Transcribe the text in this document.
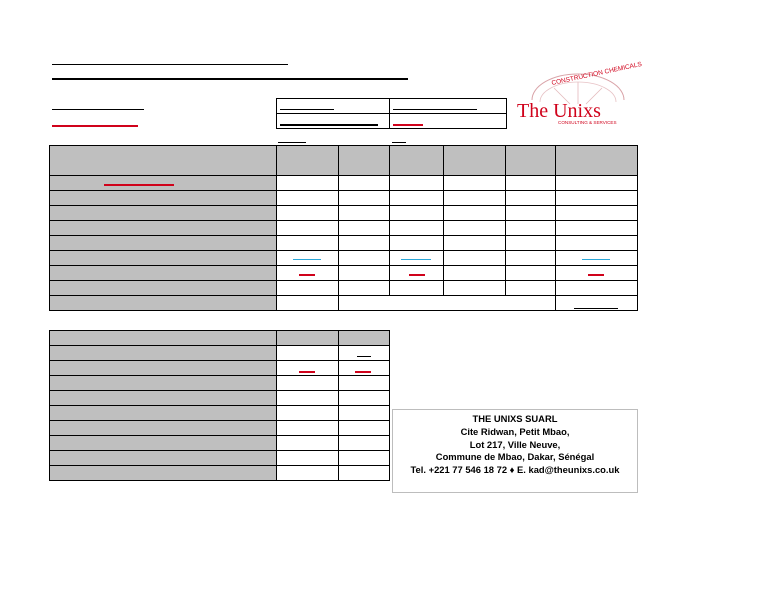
CONSTRUCTION CHEMICALS
The Unixs
CONSULTING & SERVICES

THE UNIXS SUARL
Cite Ridwan, Petit Mbao,
Lot 217, Ville Neuve,
Commune de Mbao, Dakar, Sénégal
Tel. +221 77 546 18 72 ♦ E. kad@theunixs.co.uk
